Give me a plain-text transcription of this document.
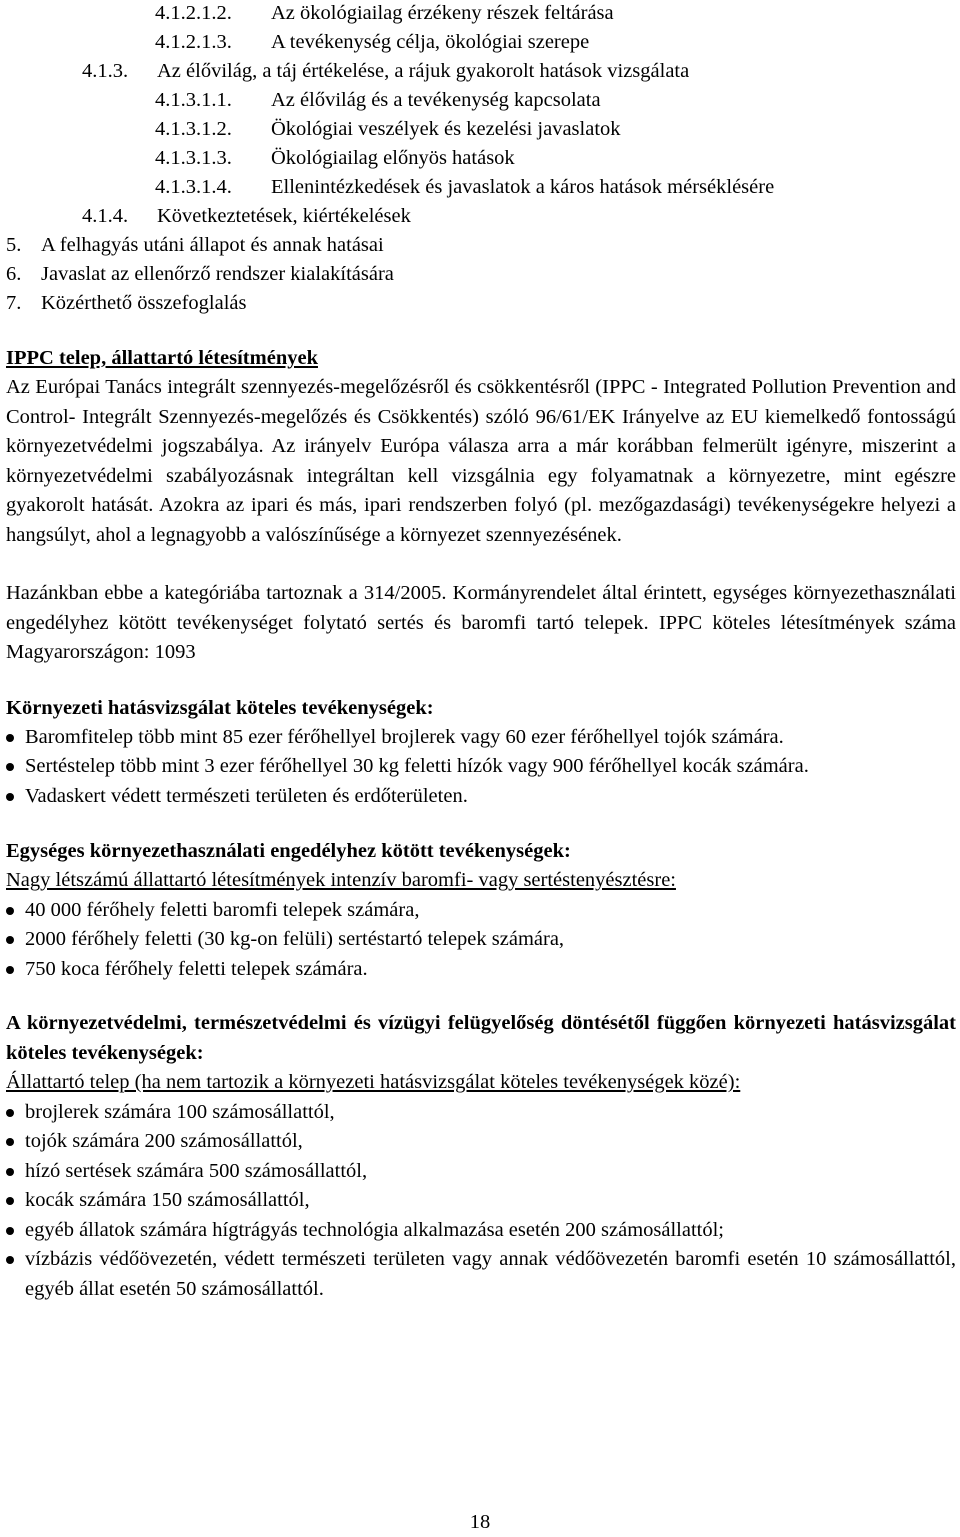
4.1.2.1.2. Az ökológiailag érzékeny részek feltárása
4.1.2.1.3. A tevékenység célja, ökológiai szerepe
4.1.3. Az élővilág, a táj értékelése, a rájuk gyakorolt hatások vizsgálata
4.1.3.1.1. Az élővilág és a tevékenység kapcsolata
4.1.3.1.2. Ökológiai veszélyek és kezelési javaslatok
4.1.3.1.3. Ökológiailag előnyös hatások
4.1.3.1.4. Ellenintézkedések és javaslatok a káros hatások mérséklésére
4.1.4. Következtetések, kiértékelések
5. A felhagyás utáni állapot és annak hatásai
6. Javaslat az ellenőrző rendszer kialakítására
7. Közérthető összefoglalás
IPPC telep, állattartó létesítmények

Az Európai Tanács integrált szennyezés-megelőzésről és csökkentésről (IPPC - Integrated Pollution Prevention and Control- Integrált Szennyezés-megelőzés és Csökkentés) szóló 96/61/EK Irányelve az EU kiemelkedő fontosságú környezetvédelmi jogszabálya. Az irányelv Európa válasza arra a már korábban felmerült igényre, miszerint a környezetvédelmi szabályozásnak integráltan kell vizsgálnia egy folyamatnak a környezetre, mint egészre gyakorolt hatását. Azokra az ipari és más, ipari rendszerben folyó (pl. mezőgazdasági) tevékenységekre helyezi a hangsúlyt, ahol a legnagyobb a valószínűsége a környezet szennyezésének.

Hazánkban ebbe a kategóriába tartoznak a 314/2005. Kormányrendelet által érintett, egységes környezethasználati engedélyhez kötött tevékenységet folytató sertés és baromfi tartó telepek. IPPC köteles létesítmények száma Magyarországon: 1093

Környezeti hatásvizsgálat köteles tevékenységek:
Baromfitelep több mint 85 ezer férőhellyel brojlerek vagy 60 ezer férőhellyel tojók számára.
Sertéstelep több mint 3 ezer férőhellyel 30 kg feletti hízók vagy 900 férőhellyel kocák számára.
Vadaskert védett természeti területen és erdőterületen.
Egységes környezethasználati engedélyhez kötött tevékenységek:
Nagy létszámú állattartó létesítmények intenzív baromfi- vagy sertéstenyésztésre:
40 000 férőhely feletti baromfi telepek számára,
2000 férőhely feletti (30 kg-on felüli) sertéstartó telepek számára,
750 koca férőhely feletti telepek számára.

A környezetvédelmi, természetvédelmi és vízügyi felügyelőség döntésétől függően környezeti hatásvizsgálat köteles tevékenységek:

Állattartó telep (ha nem tartozik a környezeti hatásvizsgálat köteles tevékenységek közé):
brojlerek számára 100 számosállattól,
tojók számára 200 számosállattól,
hízó sertések számára 500 számosállattól,
kocák számára 150 számosállattól,
egyéb állatok számára hígtrágyás technológia alkalmazása esetén 200 számosállattól;
vízbázis védőövezetén, védett természeti területen vagy annak védőövezetén baromfi esetén 10 számosállattól, egyéb állat esetén 50 számosállattól.
18
